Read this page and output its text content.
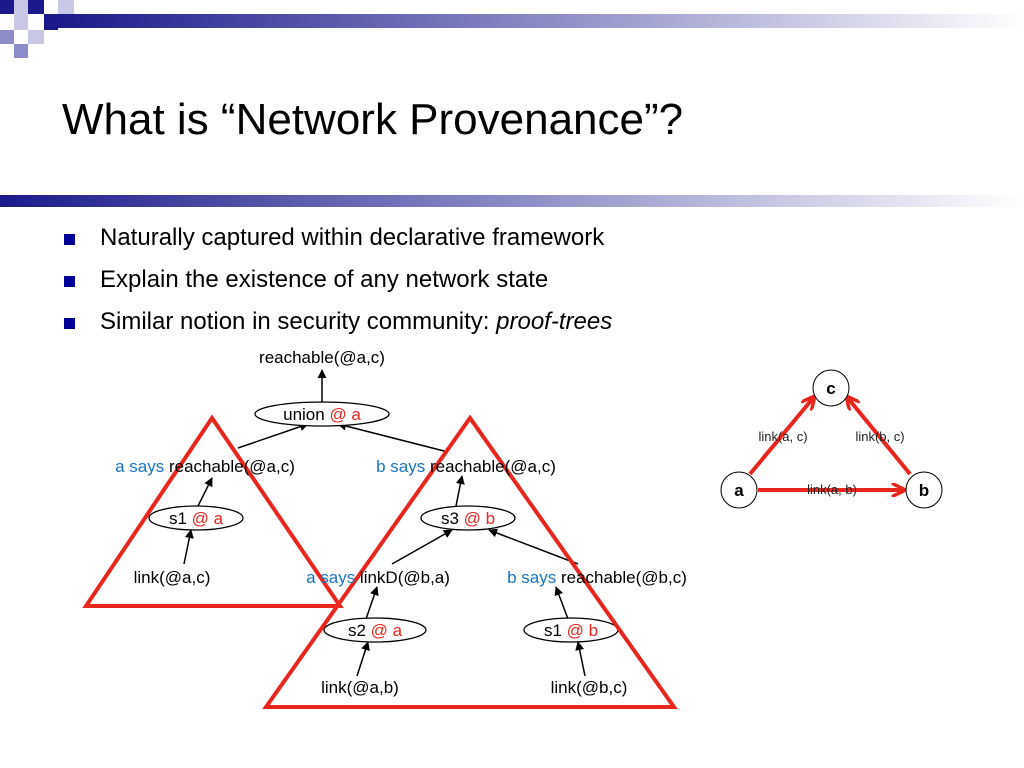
What is “Network Provenance”?
Naturally captured within declarative framework
Explain the existence of any network state
Similar notion in security community: proof-trees
reachable(@a,c)
union @ a
a says reachable(@a,c)	b says reachable(@a,c)
s1 @ a	s3 @ b
link(@a,c)	a says linkD(@b,a)	b says reachable(@b,c)
s2 @ a	s1 @ b
link(@a,b)	link(@b,c)
c
a	b
link(a, c)	link(b, c)
link(a, b)
